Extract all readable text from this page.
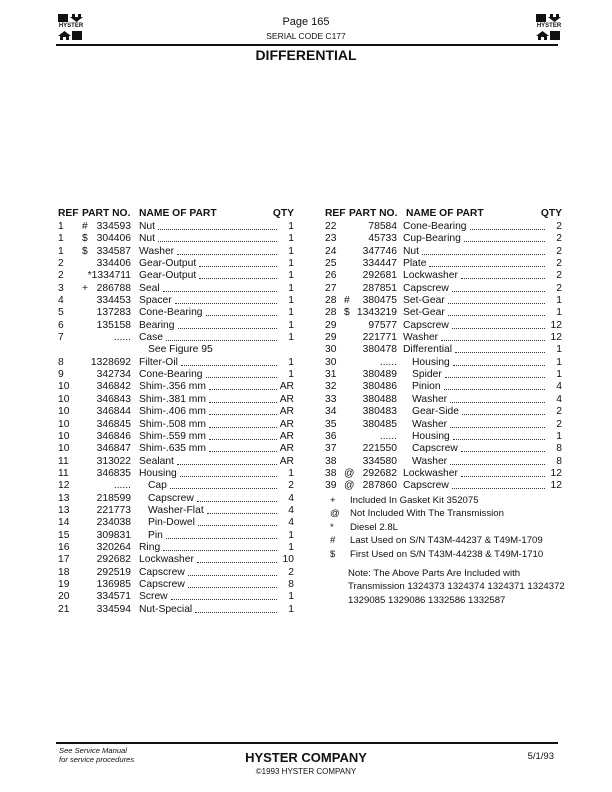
HYSTER	HYSTER
Page 165
SERIAL CODE C177
DIFFERENTIAL
REF PART NO. NAME OF PART	QTY
1 # 334593 Nut	1
1 $ 304406 Nut	1
1 $ 334587 Washer	1
2	334406 Gear-Output	1
2 *1334711 Gear-Output	1
3 + 286788 Seal	1
4	334453 Spacer	1
5	137283 Cone-Bearing	1
6	135158 Bearing	1
7	...... Case	1
See Figure 95
8	1328692 Filter-Oil	1
9	342734 Cone-Bearing	1
10	346842 Shim-.356 mm	AR
10	346843 Shim-.381 mm	AR
10	346844 Shim-.406 mm	AR
10	346845 Shim-.508 mm	AR
10	346846 Shim-.559 mm	AR
10	346847 Shim-.635 mm	AR
11	313022 Sealant	AR
11	346835 Housing	1
12	...... Cap	2
13	218599 Capscrew	4
13	221773 Washer-Flat	4
14	234038 Pin-Dowel	4
15	309831 Pin	1
16	320264 Ring	1
17	292682 Lockwasher	10
18	292519 Capscrew	2
19	136985 Capscrew	8
20	334571 Screw	1
21	334594 Nut-Special	1
REF PART NO. NAME OF PART	QTY
22	78584 Cone-Bearing	2
23	45733 Cup-Bearing	2
24	347746 Nut	2
25	334447 Plate	2
26	292681 Lockwasher	2
27	287851 Capscrew	2
28 #	380475 Set-Gear	1
28 $ 1343219 Set-Gear	1
29	97577 Capscrew	12
29	221771 Washer	12
30	380478 Differential	1
30	...... Housing	1
31	380489 Spider	1
32	380486 Pinion	4
33	380488 Washer	4
34	380483 Gear-Side	2
35	380485 Washer	2
36	...... Housing	1
37	221550 Capscrew	8
38	334580 Washer	8
38 @ 292682 Lockwasher	12
39 @ 287860 Capscrew	12
+ Included In Gasket Kit 352075
@ Not Included With The Transmission
* Diesel 2.8L
# Last Used on S/N T43M-44237 & T49M-1709
$ First Used on S/N T43M-44238 & T49M-1710
Note: The Above Parts Are Included with Transmission 1324373 1324374 1324371 1324372 1329085 1329086 1332586 1332587
See Service Manual
for service procedures	HYSTER COMPANY
©1993 HYSTER COMPANY
5/1/93
